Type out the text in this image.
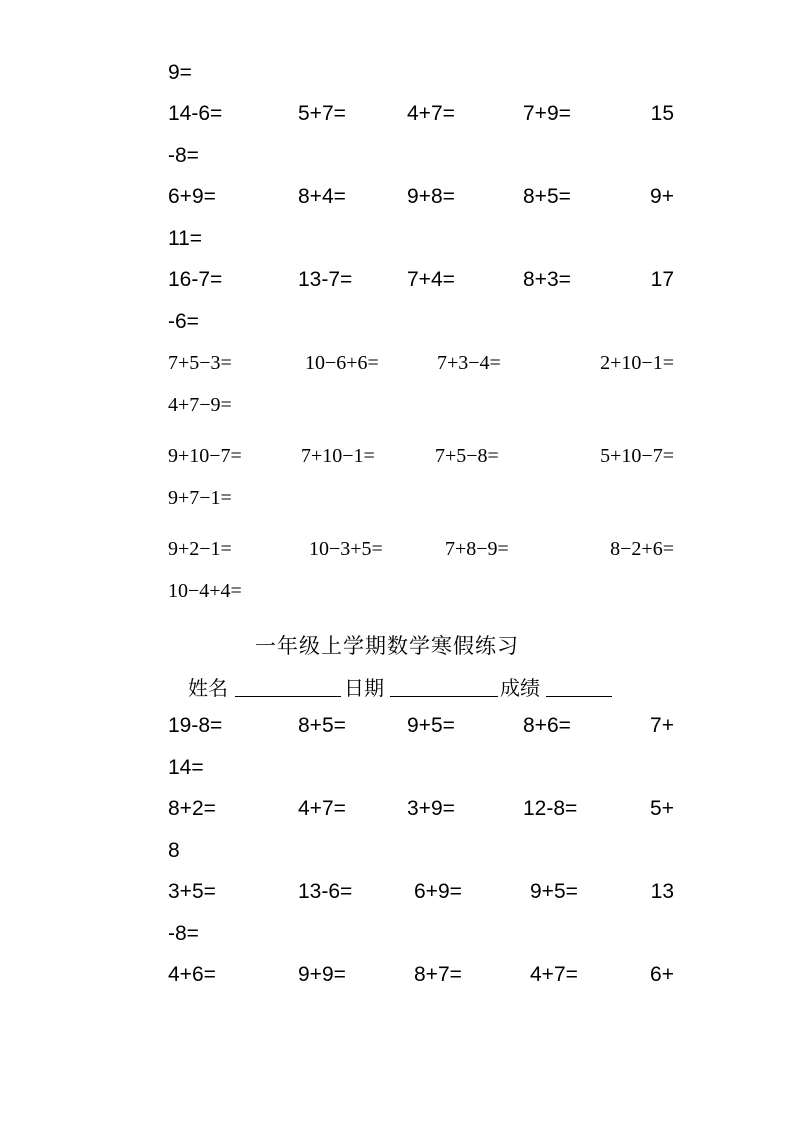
9=
14-6=	5+7=	4+7=	7+9=	15
-8=
6+9=	8+4=	9+8=	8+5=	9+
11=
16-7=	13-7=	7+4=	8+3=	17
-6=
7+5−3=	10−6+6=	7+3−4=	2+10−1=
4+7−9=
9+10−7=	7+10−1=	7+5−8=	5+10−7=
9+7−1=
9+2−1=	10−3+5=	7+8−9=	8−2+6=
10−4+4=
一年级上学期数学寒假练习
姓名	日期	成绩
19-8=	8+5=	9+5=	8+6=	7+
14=
8+2=	4+7=	3+9=	12-8=	5+
8
3+5=	13-6=	6+9=	9+5=	13
-8=
4+6=	9+9=	8+7=	4+7=	6+
